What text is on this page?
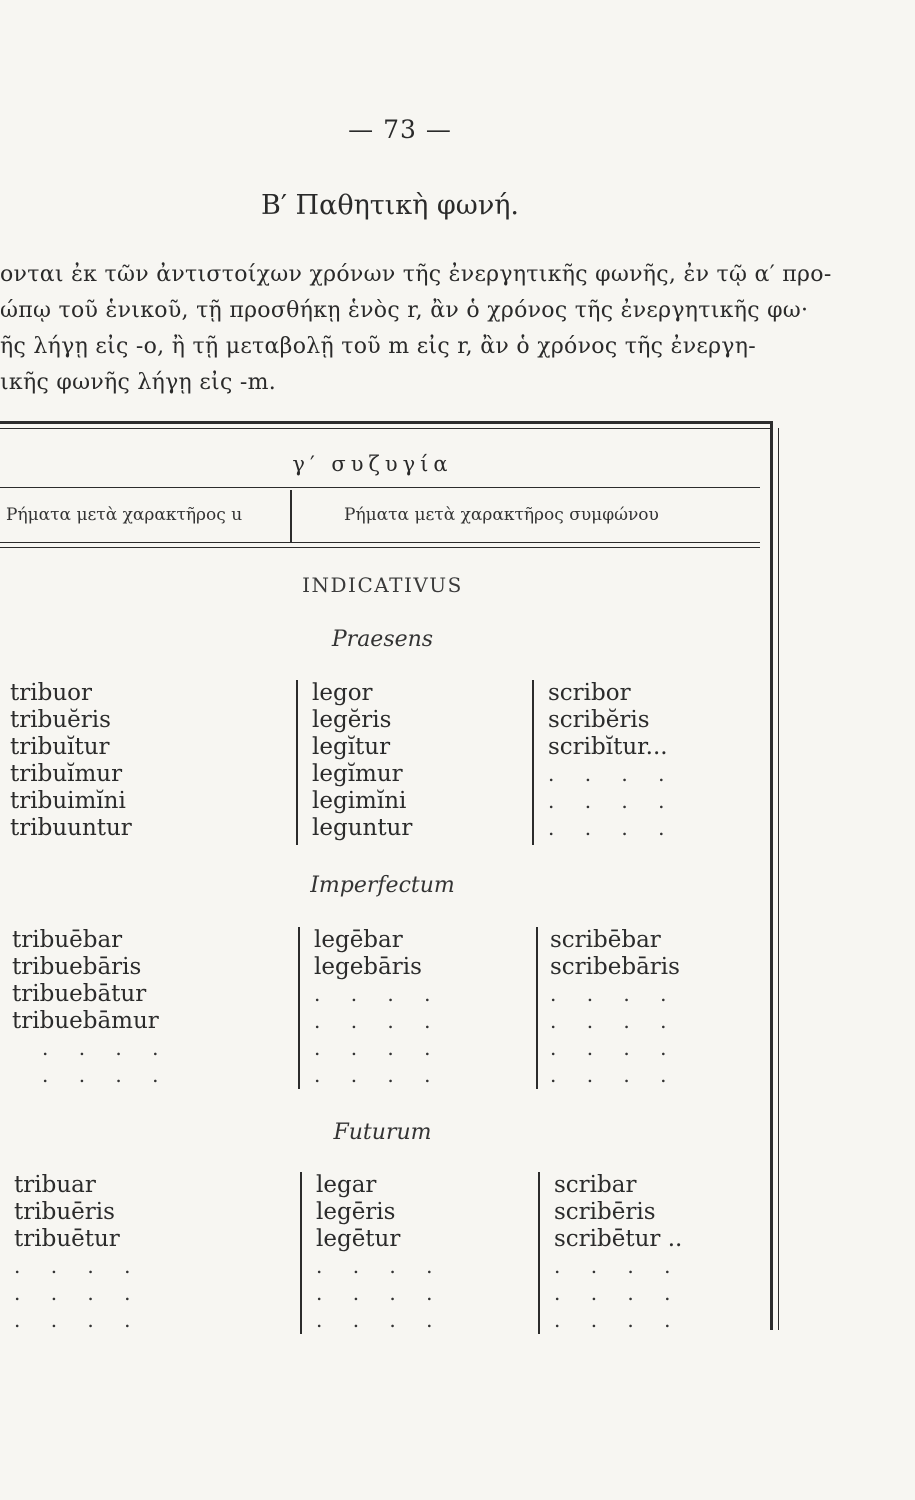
— 73 —
Β′ Παθητικὴ φωνή.
ονται ἐκ τῶν ἀντιστοίχων χρόνων τῆς ἐνεργητικῆς φωνῆς, ἐν τῷ α′ προ-
ώπῳ τοῦ ἑνικοῦ, τῇ προσθήκῃ ἑνὸς r, ἂν ὁ χρόνος τῆς ἐνεργητικῆς φω·
ῆς λήγῃ εἰς -o, ἢ τῇ μεταβολῇ τοῦ m εἰς r, ἂν ὁ χρόνος τῆς ἐνεργη-
ικῆς φωνῆς λήγῃ εἰς -m.
γ′ συζυγία
Ρήματα μετὰ χαρακτῆρος u	Ρήματα μετὰ χαρακτῆρος συμφώνου
INDICATIVUS
Praesens
tribuor
tribuĕris
tribuĭtur
tribuĭmur
tribuimĭni
tribuuntur
legor
legĕris
legĭtur
legĭmur
legimĭni
leguntur
scribor
scribĕris
scribĭtur...
. . . .
. . . .
. . . .
Imperfectum
tribuēbar
tribuebāris
tribuebātur
tribuebāmur
. . . .
. . . .
legēbar
legebāris
. . . .
. . . .
. . . .
. . . .
scribēbar
scribebāris
. . . .
. . . .
. . . .
. . . .
Futurum
tribuar
tribuēris
tribuētur
. . . .
. . . .
. . . .
legar
legēris
legētur
. . . .
. . . .
. . . .
scribar
scribēris
scribētur ..
. . . .
. . . .
. . . .
